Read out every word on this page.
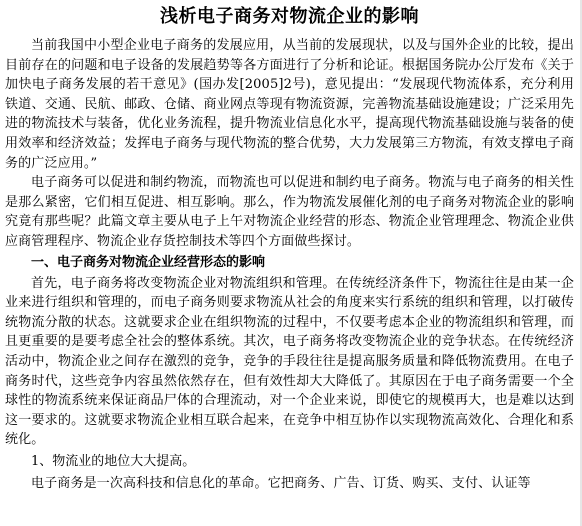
浅析电子商务对物流企业的影响

当前我国中小型企业电子商务的发展应用，从当前的发展现状，以及与国外企业的比较，提出目前存在的问题和电子设备的发展趋势等各方面进行了分析和论证。根据国务院办公厅发布《关于加快电子商务发展的若干意见》(国办发[2005]2号)，意见提出：“发展现代物流体系，充分利用铁道、交通、民航、邮政、仓储、商业网点等现有物流资源，完善物流基础设施建设；广泛采用先进的物流技术与装备，优化业务流程，提升物流业信息化水平，提高现代物流基础设施与装备的使用效率和经济效益；发挥电子商务与现代物流的整合优势，大力发展第三方物流，有效支撑电子商务的广泛应用。”

电子商务可以促进和制约物流，而物流也可以促进和制约电子商务。物流与电子商务的相关性是那么紧密，它们相互促进、相互影响。那么，作为物流发展催化剂的电子商务对物流企业的影响究竟有那些呢？此篇文章主要从电子上午对物流企业经营的形态、物流企业管理理念、物流企业供应商管理程序、物流企业存货控制技术等四个方面做些探讨。

一、电子商务对物流企业经营形态的影响

首先，电子商务将改变物流企业对物流组织和管理。在传统经济条件下，物流往往是由某一企业来进行组织和管理的，而电子商务则要求物流从社会的角度来实行系统的组织和管理，以打破传统物流分散的状态。这就要求企业在组织物流的过程中，不仅要考虑本企业的物流组织和管理，而且更重要的是要考虑全社会的整体系统。其次，电子商务将改变物流企业的竞争状态。在传统经济活动中，物流企业之间存在激烈的竞争，竞争的手段往往是提高服务质量和降低物流费用。在电子商务时代，这些竞争内容虽然依然存在，但有效性却大大降低了。其原因在于电子商务需要一个全球性的物流系统来保证商品尸体的合理流动，对一个企业来说，即使它的规模再大，也是难以达到这一要求的。这就要求物流企业相互联合起来，在竞争中相互协作以实现物流高效化、合理化和系统化。

1、物流业的地位大大提高。

电子商务是一次高科技和信息化的革命。它把商务、广告、订货、购买、支付、认证等
